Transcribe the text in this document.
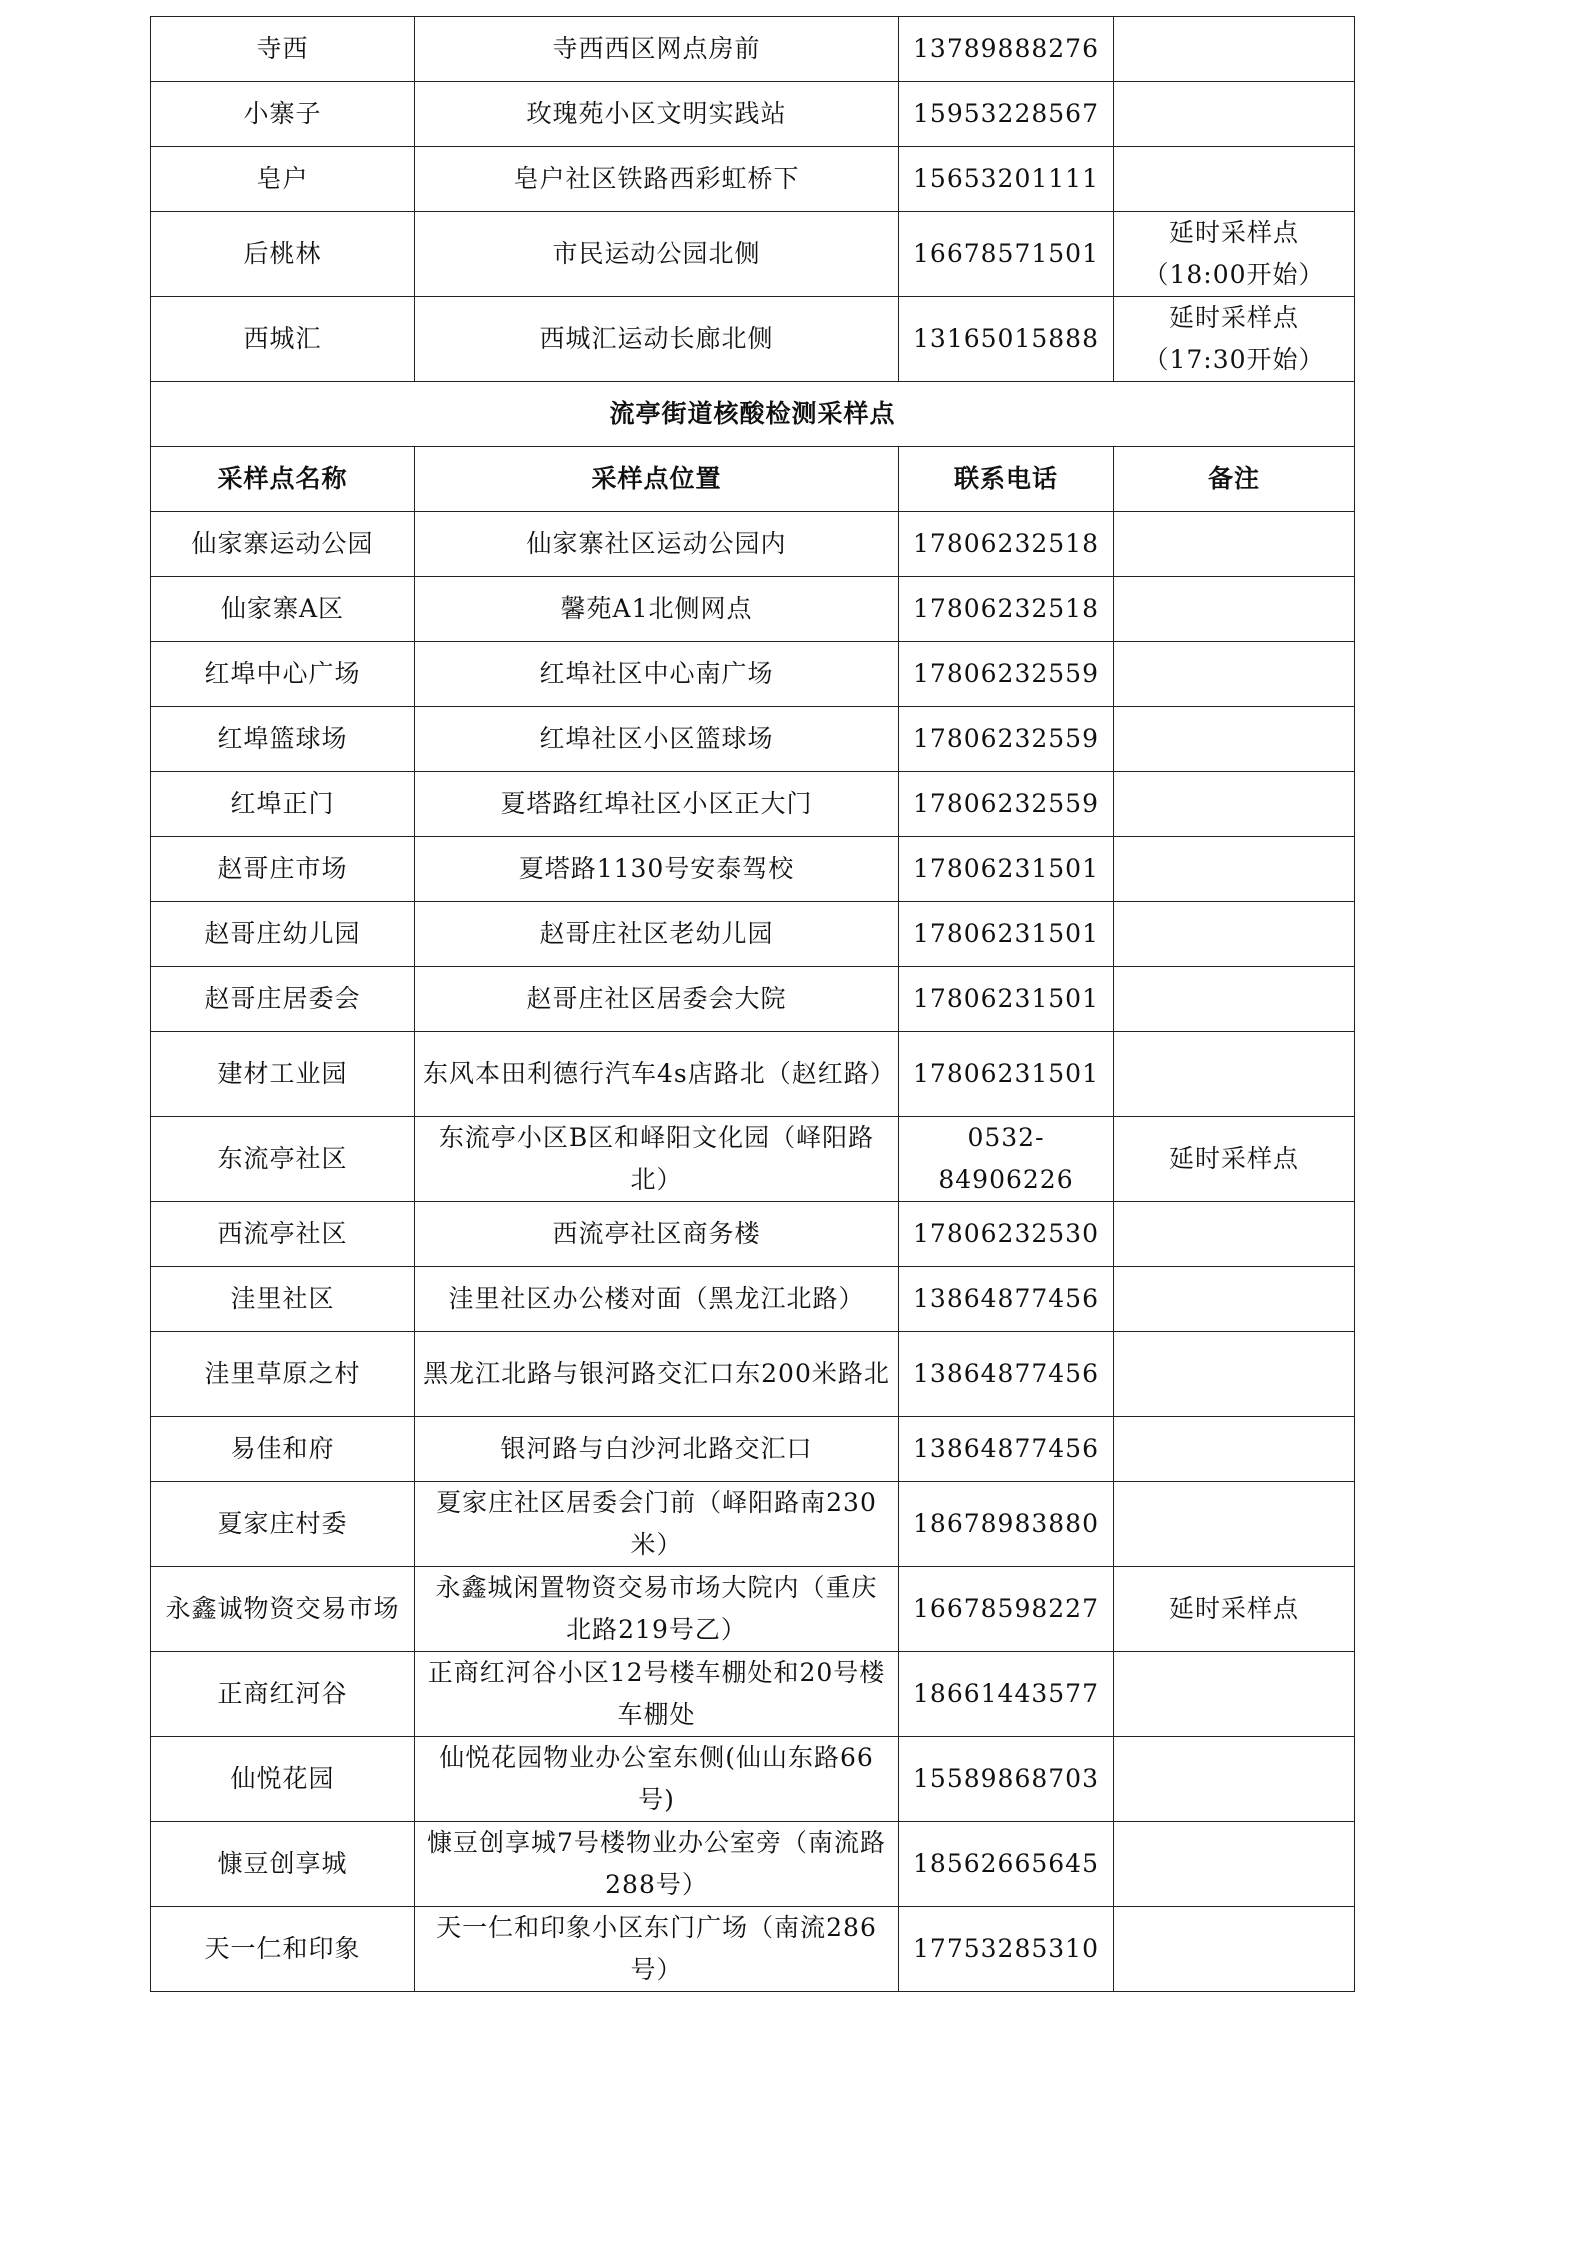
寺西	寺西西区网点房前	13789888276	
小寨子	玫瑰苑小区文明实践站	15953228567	
皂户	皂户社区铁路西彩虹桥下	15653201111	
后桃林	市民运动公园北侧	16678571501	延时采样点（18:00开始）
西城汇	西城汇运动长廊北侧	13165015888	延时采样点（17:30开始）
流亭街道核酸检测采样点			
采样点名称	采样点位置	联系电话	备注
仙家寨运动公园	仙家寨社区运动公园内	17806232518	
仙家寨A区	馨苑A1北侧网点	17806232518	
红埠中心广场	红埠社区中心南广场	17806232559	
红埠篮球场	红埠社区小区篮球场	17806232559	
红埠正门	夏塔路红埠社区小区正大门	17806232559	
赵哥庄市场	夏塔路1130号安泰驾校	17806231501	
赵哥庄幼儿园	赵哥庄社区老幼儿园	17806231501	
赵哥庄居委会	赵哥庄社区居委会大院	17806231501	
建材工业园	东风本田利德行汽车4s店路北（赵红路）	17806231501	
东流亭社区	东流亭小区B区和峄阳文化园（峄阳路北）	0532-84906226	延时采样点
西流亭社区	西流亭社区商务楼	17806232530	
洼里社区	洼里社区办公楼对面（黑龙江北路）	13864877456	
洼里草原之村	黑龙江北路与银河路交汇口东200米路北	13864877456	
易佳和府	银河路与白沙河北路交汇口	13864877456	
夏家庄村委	夏家庄社区居委会门前（峄阳路南230米）	18678983880	
永鑫诚物资交易市场	永鑫城闲置物资交易市场大院内（重庆北路219号乙）	16678598227	延时采样点
正商红河谷	正商红河谷小区12号楼车棚处和20号楼车棚处	18661443577	
仙悦花园	仙悦花园物业办公室东侧(仙山东路66号)	15589868703	
慷豆创享城	慷豆创享城7号楼物业办公室旁（南流路288号）	18562665645	
天一仁和印象	天一仁和印象小区东门广场（南流286号）	17753285310	
